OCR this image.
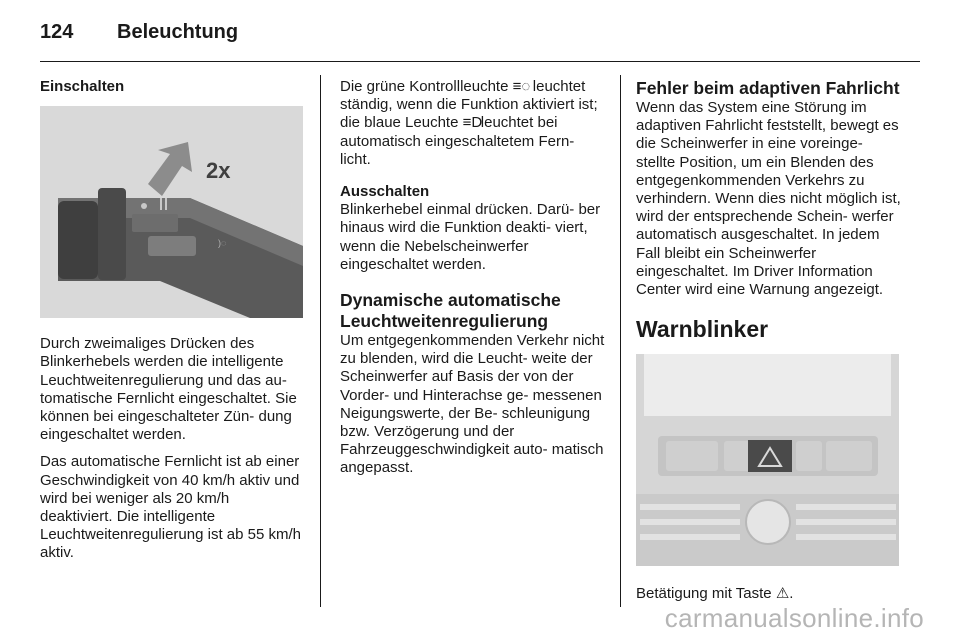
124 Beleuchtung
Einschalten
2x
)◌

Durch zweimaliges Drücken des Blinkerhebels werden die intelligente Leuchtweitenregulierung und das au- tomatische Fernlicht eingeschaltet. Sie können bei eingeschalteter Zün- dung eingeschaltet werden.

Das automatische Fernlicht ist ab einer Geschwindigkeit von 40 km/h aktiv und wird bei weniger als 20 km/h deaktiviert. Die intelligente Leuchtweitenregulierung ist ab 55 km/h aktiv.

Die grüne Kontrollleuchte ≡◌ leuchtet ständig, wenn die Funktion aktiviert ist; die blaue Leuchte ≡D leuchtet bei automatisch eingeschaltetem Fern- licht.

Ausschalten

Blinkerhebel einmal drücken. Darü- ber hinaus wird die Funktion deakti- viert, wenn die Nebelscheinwerfer eingeschaltet werden.

Dynamische automatische Leuchtweitenregulierung

Um entgegenkommenden Verkehr nicht zu blenden, wird die Leucht- weite der Scheinwerfer auf Basis der von der Vorder- und Hinterachse ge- messenen Neigungswerte, der Be- schleunigung bzw. Verzögerung und der Fahrzeuggeschwindigkeit auto- matisch angepasst.

Fehler beim adaptiven Fahrlicht

Wenn das System eine Störung im adaptiven Fahrlicht feststellt, bewegt es die Scheinwerfer in eine voreinge- stellte Position, um ein Blenden des entgegenkommenden Verkehrs zu verhindern. Wenn dies nicht möglich ist, wird der entsprechende Schein- werfer automatisch ausgeschaltet. In jedem Fall bleibt ein Scheinwerfer eingeschaltet. Im Driver Information Center wird eine Warnung angezeigt.

Warnblinker

Betätigung mit Taste ⚠.

carmanualsonline.info
